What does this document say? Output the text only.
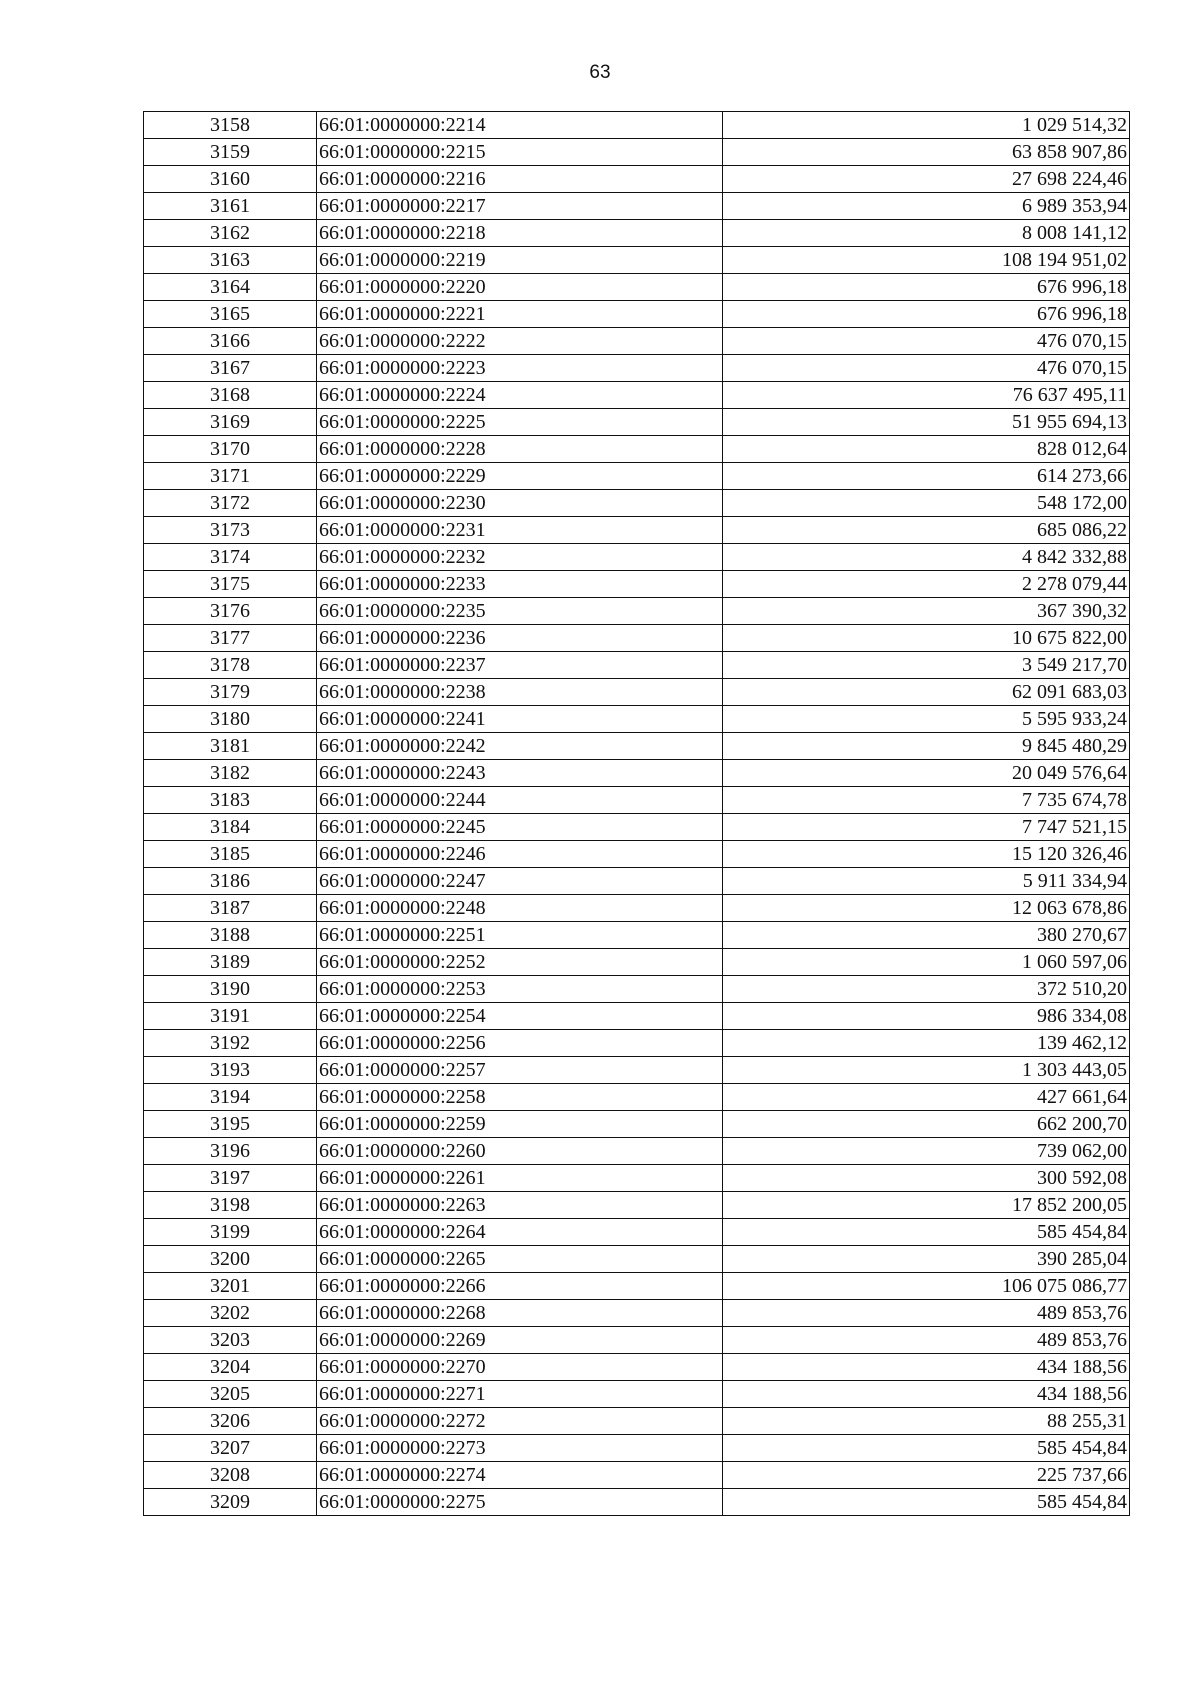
63
3158	66:01:0000000:2214	1 029 514,32
3159	66:01:0000000:2215	63 858 907,86
3160	66:01:0000000:2216	27 698 224,46
3161	66:01:0000000:2217	6 989 353,94
3162	66:01:0000000:2218	8 008 141,12
3163	66:01:0000000:2219	108 194 951,02
3164	66:01:0000000:2220	676 996,18
3165	66:01:0000000:2221	676 996,18
3166	66:01:0000000:2222	476 070,15
3167	66:01:0000000:2223	476 070,15
3168	66:01:0000000:2224	76 637 495,11
3169	66:01:0000000:2225	51 955 694,13
3170	66:01:0000000:2228	828 012,64
3171	66:01:0000000:2229	614 273,66
3172	66:01:0000000:2230	548 172,00
3173	66:01:0000000:2231	685 086,22
3174	66:01:0000000:2232	4 842 332,88
3175	66:01:0000000:2233	2 278 079,44
3176	66:01:0000000:2235	367 390,32
3177	66:01:0000000:2236	10 675 822,00
3178	66:01:0000000:2237	3 549 217,70
3179	66:01:0000000:2238	62 091 683,03
3180	66:01:0000000:2241	5 595 933,24
3181	66:01:0000000:2242	9 845 480,29
3182	66:01:0000000:2243	20 049 576,64
3183	66:01:0000000:2244	7 735 674,78
3184	66:01:0000000:2245	7 747 521,15
3185	66:01:0000000:2246	15 120 326,46
3186	66:01:0000000:2247	5 911 334,94
3187	66:01:0000000:2248	12 063 678,86
3188	66:01:0000000:2251	380 270,67
3189	66:01:0000000:2252	1 060 597,06
3190	66:01:0000000:2253	372 510,20
3191	66:01:0000000:2254	986 334,08
3192	66:01:0000000:2256	139 462,12
3193	66:01:0000000:2257	1 303 443,05
3194	66:01:0000000:2258	427 661,64
3195	66:01:0000000:2259	662 200,70
3196	66:01:0000000:2260	739 062,00
3197	66:01:0000000:2261	300 592,08
3198	66:01:0000000:2263	17 852 200,05
3199	66:01:0000000:2264	585 454,84
3200	66:01:0000000:2265	390 285,04
3201	66:01:0000000:2266	106 075 086,77
3202	66:01:0000000:2268	489 853,76
3203	66:01:0000000:2269	489 853,76
3204	66:01:0000000:2270	434 188,56
3205	66:01:0000000:2271	434 188,56
3206	66:01:0000000:2272	88 255,31
3207	66:01:0000000:2273	585 454,84
3208	66:01:0000000:2274	225 737,66
3209	66:01:0000000:2275	585 454,84
